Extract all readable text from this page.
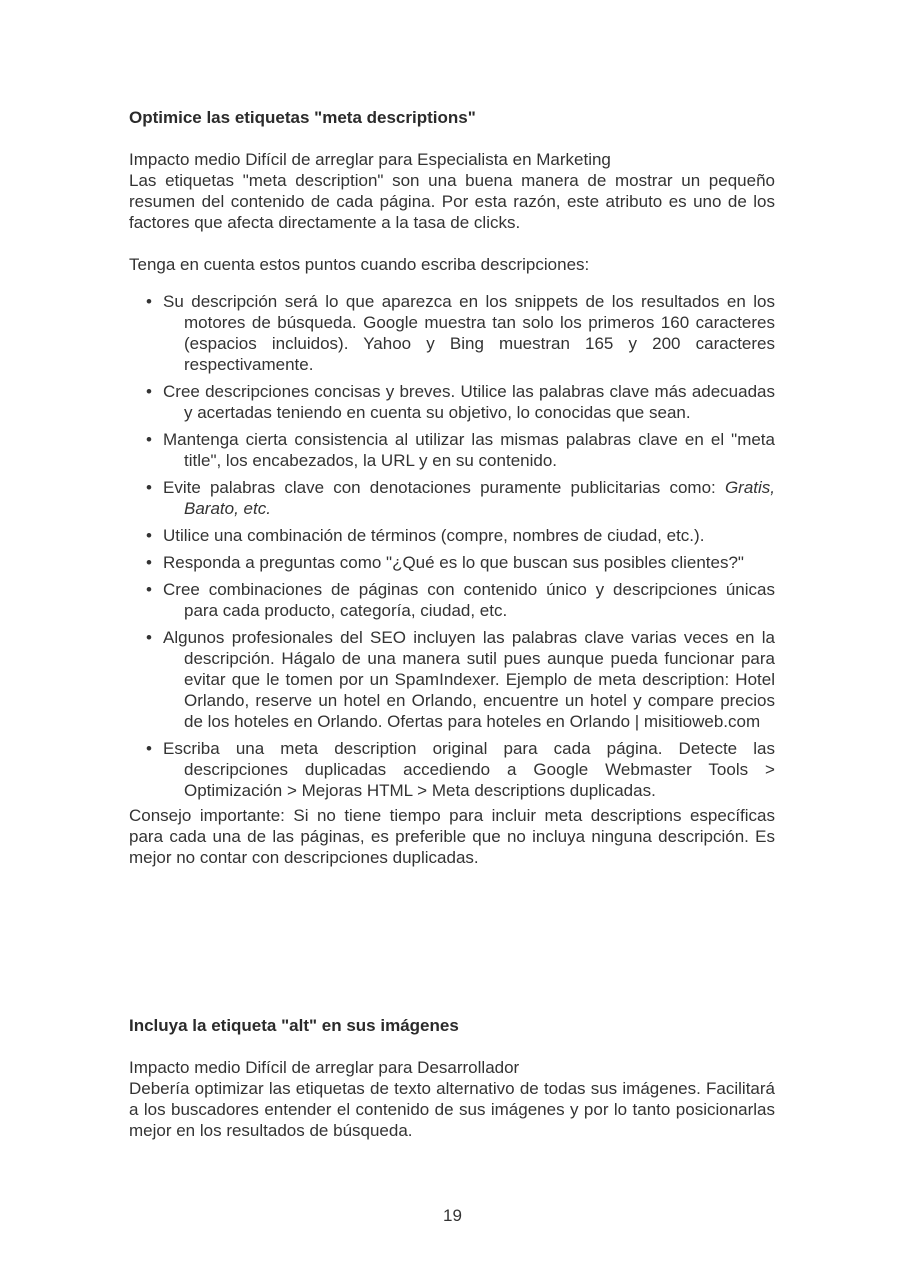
Optimice las etiquetas "meta descriptions"

Impacto medio Difícil de arreglar para Especialista en Marketing

Las etiquetas "meta description" son una buena manera de mostrar un pequeño resumen del contenido de cada página. Por esta razón, este atributo es uno de los factores que afecta directamente a la tasa de clicks.

Tenga en cuenta estos puntos cuando escriba descripciones:

• Su descripción será lo que aparezca en los snippets de los resultados en los motores de búsqueda. Google muestra tan solo los primeros 160 caracteres (espacios incluidos). Yahoo y Bing muestran 165 y 200 caracteres respectivamente.
• Cree descripciones concisas y breves. Utilice las palabras clave más adecuadas y acertadas teniendo en cuenta su objetivo, lo conocidas que sean.
• Mantenga cierta consistencia al utilizar las mismas palabras clave en el "meta title", los encabezados, la URL y en su contenido.
• Evite palabras clave con denotaciones puramente publicitarias como: Gratis, Barato, etc.
• Utilice una combinación de términos (compre, nombres de ciudad, etc.).
• Responda a preguntas como "¿Qué es lo que buscan sus posibles clientes?"
• Cree combinaciones de páginas con contenido único y descripciones únicas para cada producto, categoría, ciudad, etc.
• Algunos profesionales del SEO incluyen las palabras clave varias veces en la descripción. Hágalo de una manera sutil pues aunque pueda funcionar para evitar que le tomen por un SpamIndexer. Ejemplo de meta description: Hotel Orlando, reserve un hotel en Orlando, encuentre un hotel y compare precios de los hoteles en Orlando. Ofertas para hoteles en Orlando | misitioweb.com
• Escriba una meta description original para cada página. Detecte las descripciones duplicadas accediendo a Google Webmaster Tools > Optimización > Mejoras HTML > Meta descriptions duplicadas.

Consejo importante: Si no tiene tiempo para incluir meta descriptions específicas para cada una de las páginas, es preferible que no incluya ninguna descripción. Es mejor no contar con descripciones duplicadas.

Incluya la etiqueta "alt" en sus imágenes

Impacto medio Difícil de arreglar para Desarrollador

Debería optimizar las etiquetas de texto alternativo de todas sus imágenes. Facilitará a los buscadores entender el contenido de sus imágenes y por lo tanto posicionarlas mejor en los resultados de búsqueda.

19
